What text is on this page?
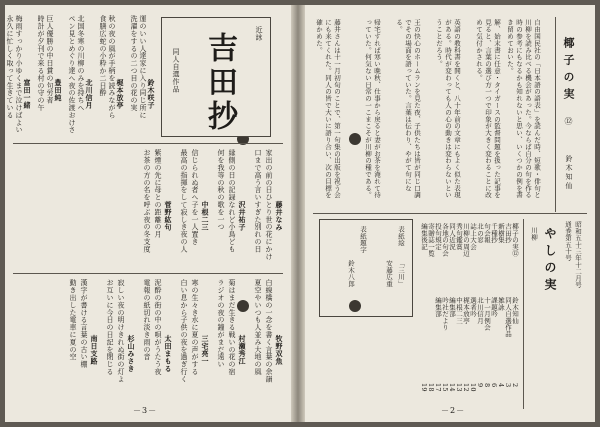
近詠
吉田抄
同人自選作品
鈴木咲子
運のいい人達家に入り同じ所に
洗濯をするの二つ目の花の実
梶本放亭
秋の夜の風が手柄を読みながら
食膳広蛇の小粋か二日酔
北川信月
北国冬寒の川柳のみを持ちへ
ペン見とめぐり達へ夜の佐渡おけさ
豊田純
巨人優勝の中日賞の句労者
時計が夕刊で来る村の守の午
富田一緒
梅雨すっかり小ゆくまで泣けばよい
永久に忙しく取って生きている
藤井なみ
家出の前の日ひとり世の花にかけ
口まで高う言いすぎた別れの日
沢井祐子
縁側の日の記録なれど小鳥ども
何を我等の秋の歌を一つ
中根二三
信じられぬ者へ子を一人置き
最高の指揮をして寂しき夜の人
菅野紘句
紫煙の先に母との距離の月
お茶の方の名を呼ぶ夜の冬支度
牧野双魚
白線橋の一念を書く言葉の余韻
夏空やいつも人並み大地の風
村瀬秀江
菊はまだ生きる戦いの花の宿
ラジオの夜の鐘がまだ遠い
三宅亮一
寒の生々き水に夏の声がする
白い息から子供の夜を過ぎ行く
太田まもる
泥酔の街の中の唄がうたう夜
電報の紙切れ淡き雨の音
杉山みさき
寂しい夜の明けきれぬ街の灯よ
お互いに今日の日記を閉じる
南日支路
漢字が書ける言葉の古い棚
動き出した電車に夏の空
－3－
椰子の実
⑫
鈴木知仙
自由国民社の「日本語の語表」を読んだ時、短歌・俳句と川柳を読み比べる機会があった。今ならば自分の句を作る時の参考にもなるかも知れないと思い、いくつかの例を書き留めておいた。
解、始末書に任意・タイガースの監督問題を扱った記事を見ると、言葉の選び方一つで印象が大きく変わることに改めて気付かされる。
英語の教科書を開くと、八十年前の文章にもよく似た表現がある。時代が変わっても人の心の動きは変わらないということだろう。
王の快心のホームランを見た夜、子供たちは皆が同じ口調でその場面を語っていた。言葉は伝わり、やがて句になる。
帰宅すれば寒い晩秋、仕事から戻ると妻がお茶を淹れて待っていた。何気ない日常の一こまこそが川柳の種である。
藤井さんは十一月初旬のことで、第一句集の出版を祝う会にも来てくれた。同人の皆で大いに語り合い、次の目標を確かめた。
昭和五十三年十二月号
通巻第五十号
やしの実
川柳
椰子の実⑫
鈴木知仙
2
吉田抄
同人自選作品
3
新樹集
雑詠
4
千種抄
課題吟
6
句会報
十一月例会
8
北の窓
北川信月
9
誌上大会
選者吟
10
川柳の周辺
梶本放亭
12
秀句鑑賞
中根二三
13
同人近況
編集部
14
各地の句会
吟社だより
15
投句規定
編集部
17
寄贈誌一覧
18
編集後記
19
表紙絵
「三川」
安藤広重
表紙題字
鈴木八郎
－2－
